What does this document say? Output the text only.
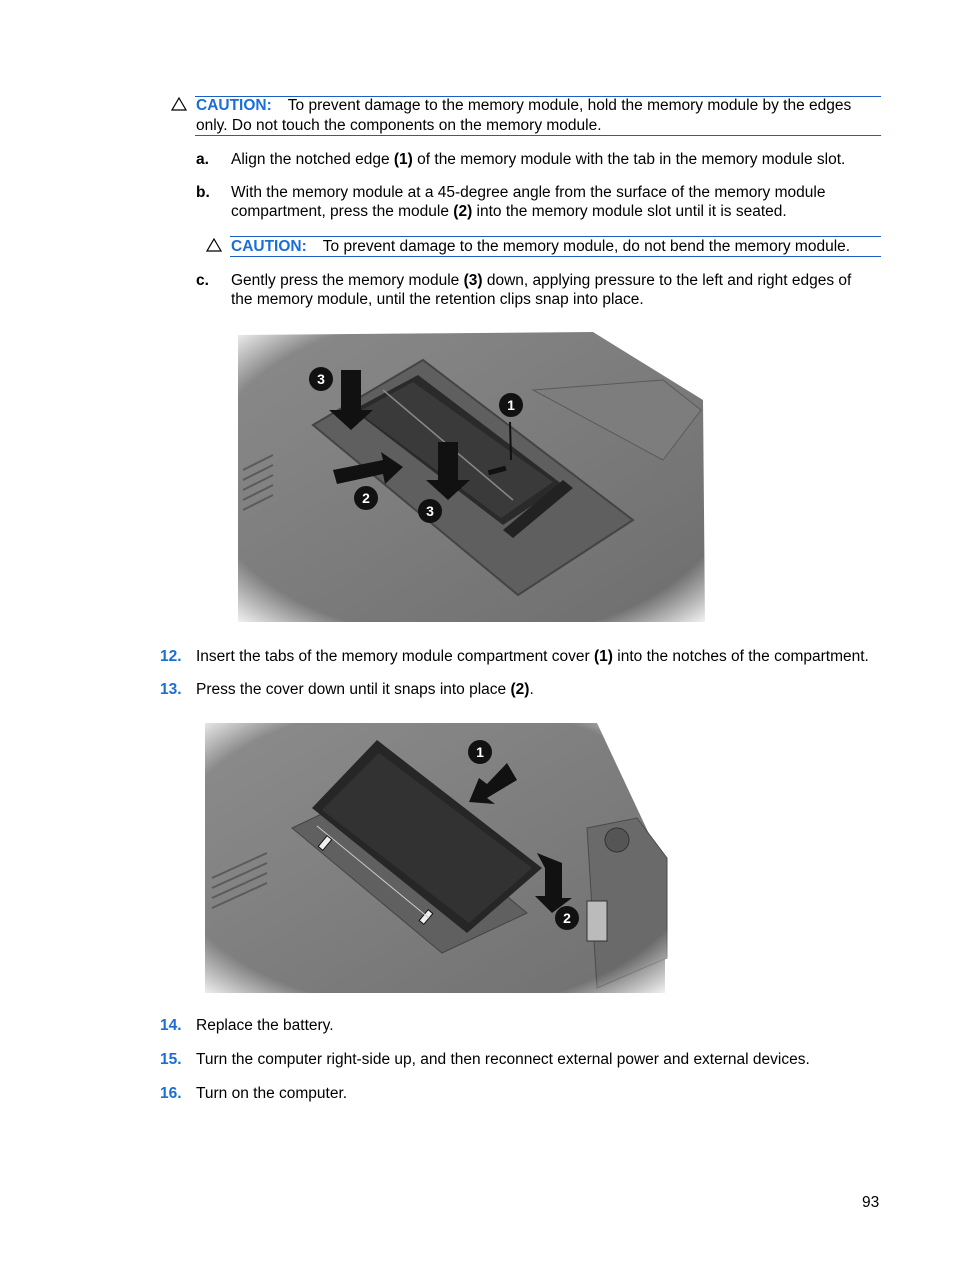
CAUTION: To prevent damage to the memory module, hold the memory module by the edges
only. Do not touch the components on the memory module.
a. Align the notched edge (1) of the memory module with the tab in the memory module slot.
b. With the memory module at a 45-degree angle from the surface of the memory module
compartment, press the module (2) into the memory module slot until it is seated.
CAUTION: To prevent damage to the memory module, do not bend the memory module.
c. Gently press the memory module (3) down, applying pressure to the left and right edges of
the memory module, until the retention clips snap into place.
3
1
2
3
12. Insert the tabs of the memory module compartment cover (1) into the notches of the compartment.
13. Press the cover down until it snaps into place (2).
1
2
14. Replace the battery.
15. Turn the computer right-side up, and then reconnect external power and external devices.
16. Turn on the computer.
93
